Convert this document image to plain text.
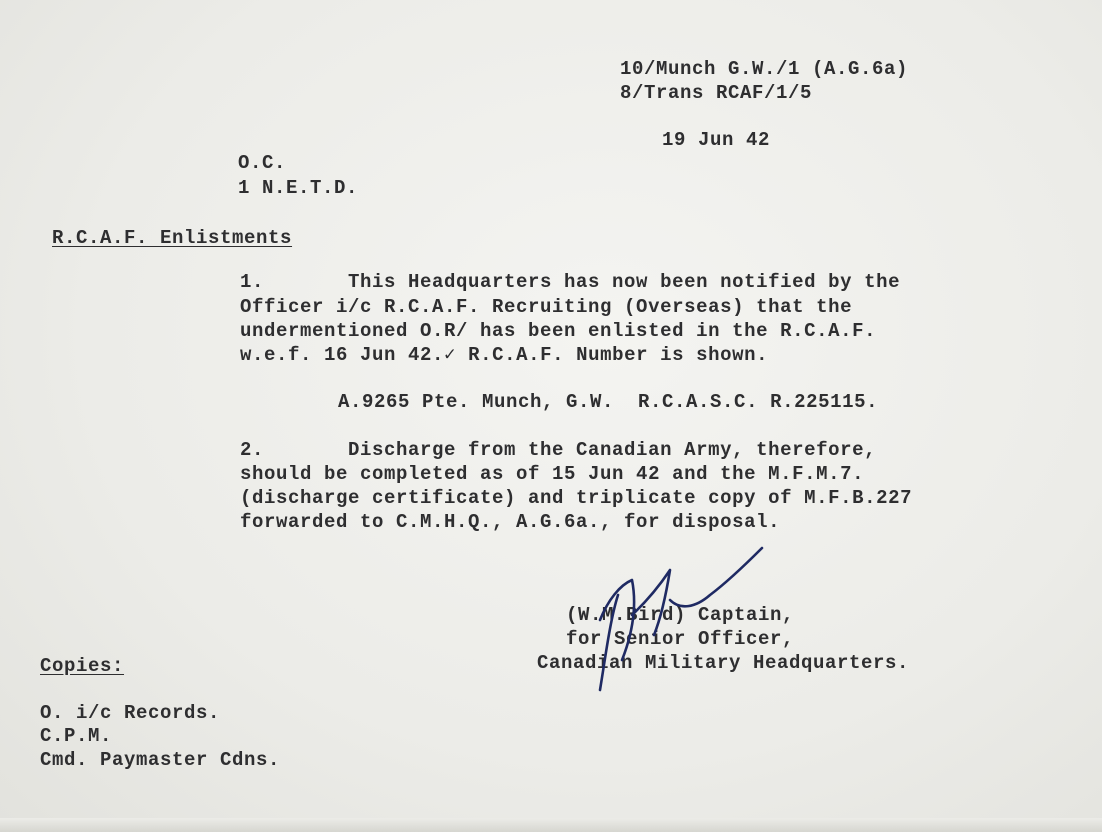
10/Munch G.W./1 (A.G.6a)
8/Trans RCAF/1/5
19 Jun 42
O.C.
1 N.E.T.D.
R.C.A.F. Enlistments
1.       This Headquarters has now been notified by the
Officer i/c R.C.A.F. Recruiting (Overseas) that the
undermentioned O.R/ has been enlisted in the R.C.A.F.
w.e.f. 16 Jun 42.✓ R.C.A.F. Number is shown.
A.9265 Pte. Munch, G.W.  R.C.A.S.C. R.225115.
2.       Discharge from the Canadian Army, therefore,
should be completed as of 15 Jun 42 and the M.F.M.7.
(discharge certificate) and triplicate copy of M.F.B.227
forwarded to C.M.H.Q., A.G.6a., for disposal.
(W.M.Bird) Captain,
for Senior Officer,
Canadian Military Headquarters.
Copies:
O. i/c Records.
C.P.M.
Cmd. Paymaster Cdns.
